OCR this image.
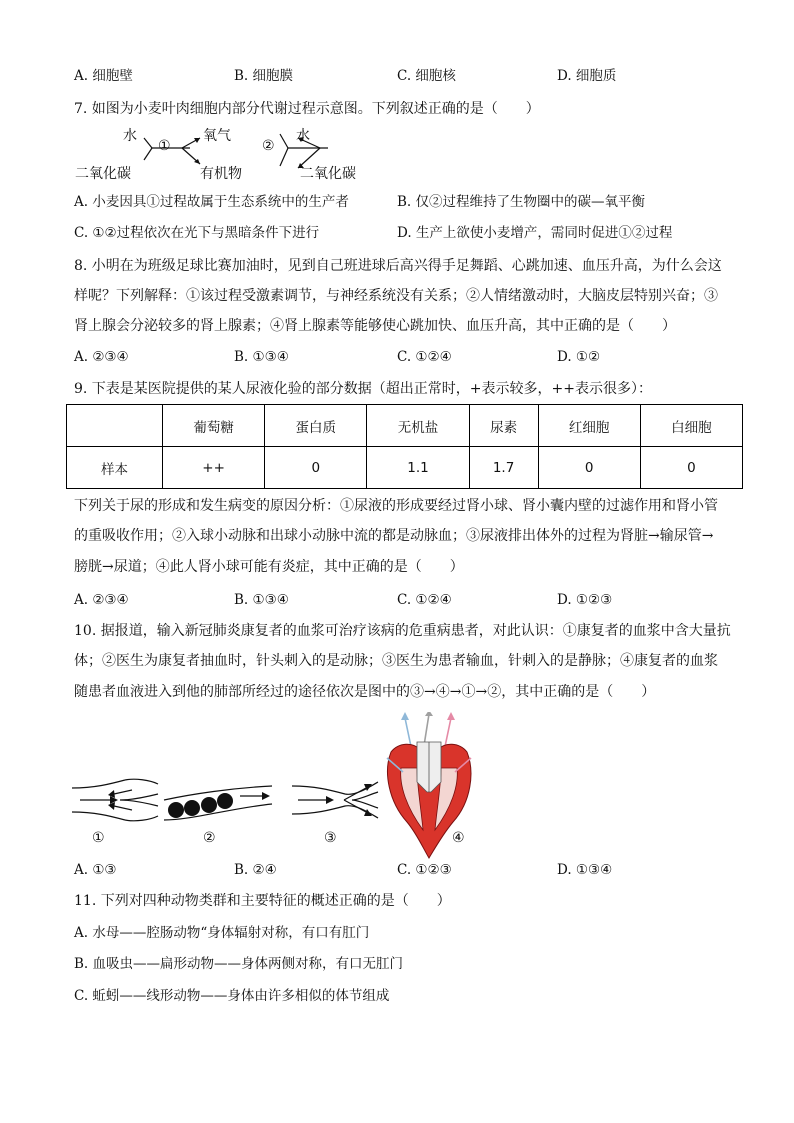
A. 细胞壁	B. 细胞膜	C. 细胞核	D. 细胞质
7. 如图为小麦叶肉细胞内部分代谢过程示意图。下列叙述正确的是（　　）
水
二氧化碳
①
氧气
有机物
②
水
二氧化碳
A. 小麦因具①过程故属于生态系统中的生产者	B. 仅②过程维持了生物圈中的碳—氧平衡
C. ①②过程依次在光下与黑暗条件下进行	D. 生产上欲使小麦增产，需同时促进①②过程
8. 小明在为班级足球比赛加油时，见到自己班进球后高兴得手足舞蹈、心跳加速、血压升高，为什么会这
样呢？下列解释：①该过程受激素调节，与神经系统没有关系；②人情绪激动时，大脑皮层特别兴奋；③
肾上腺会分泌较多的肾上腺素；④肾上腺素等能够使心跳加快、血压升高，其中正确的是（　　）
A. ②③④	B. ①③④	C. ①②④	D. ①②
9. 下表是某医院提供的某人尿液化验的部分数据（超出正常时，+表示较多，++表示很多）：
	葡萄糖	蛋白质	无机盐	尿素	红细胞	白细胞
样本	++	0	1.1	1.7	0	0
下列关于尿的形成和发生病变的原因分析：①尿液的形成要经过肾小球、肾小囊内壁的过滤作用和肾小管
的重吸收作用；②入球小动脉和出球小动脉中流的都是动脉血；③尿液排出体外的过程为肾脏→输尿管→
膀胱→尿道；④此人肾小球可能有炎症，其中正确的是（　　）
A. ②③④	B. ①③④	C. ①②④	D. ①②③
10. 据报道，输入新冠肺炎康复者的血浆可治疗该病的危重病患者，对此认识：①康复者的血浆中含大量抗
体；②医生为康复者抽血时，针头刺入的是动脉；③医生为患者输血，针刺入的是静脉；④康复者的血浆
随患者血液进入到他的肺部所经过的途径依次是图中的③→④→①→②，其中正确的是（　　）
①	②	③	④
A. ①③	B. ②④	C. ①②③	D. ①③④
11. 下列对四种动物类群和主要特征的概述正确的是（　　）
A. 水母——腔肠动物“身体辐射对称，有口有肛门
B. 血吸虫——扁形动物——身体两侧对称，有口无肛门
C. 蚯蚓——线形动物——身体由许多相似的体节组成
